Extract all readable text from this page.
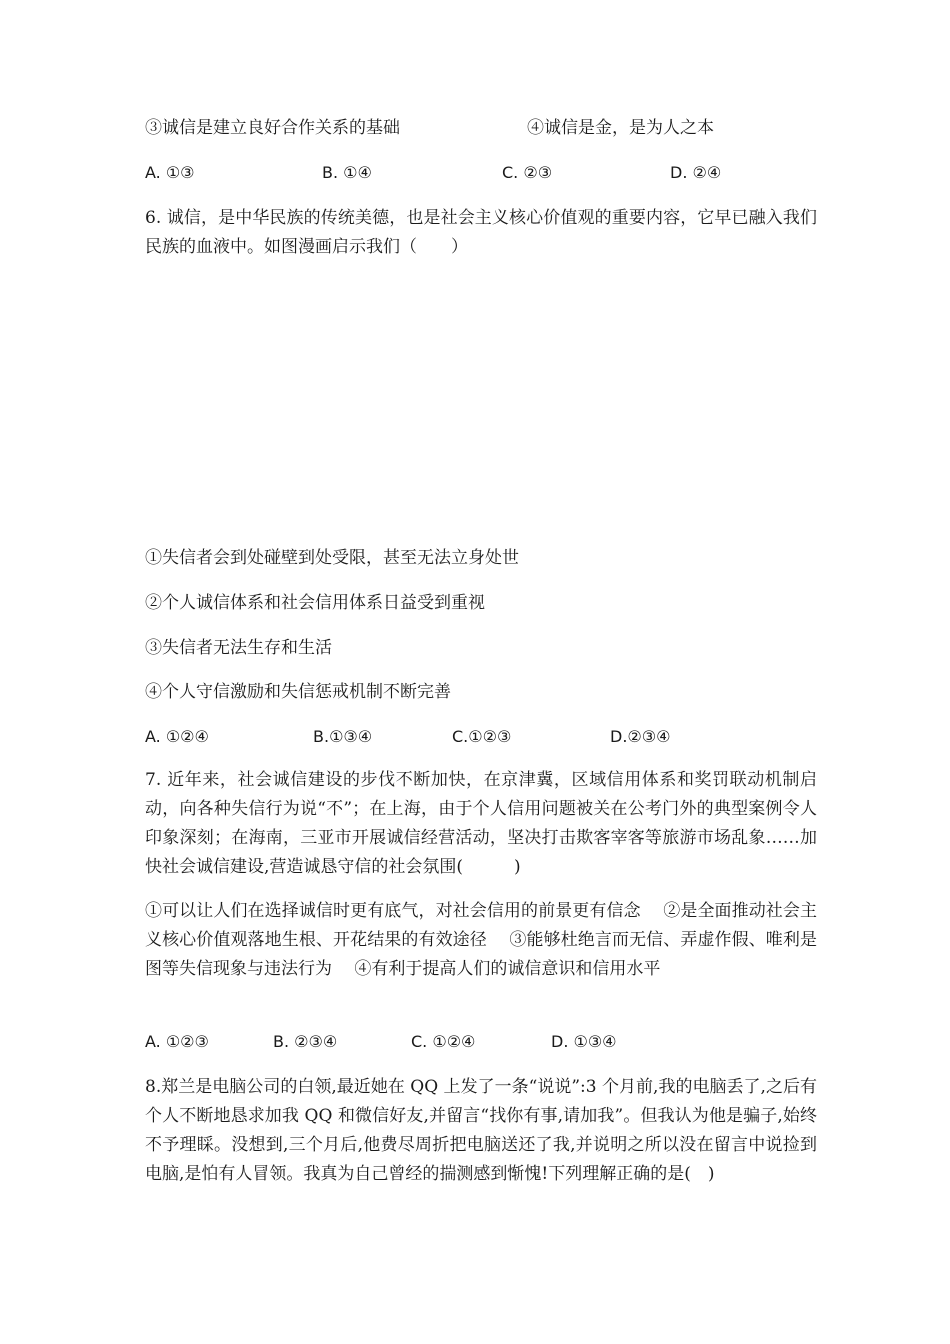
③诚信是建立良好合作关系的基础	④诚信是金，是为人之本
A. ①③	B. ①④	C. ②③	D. ②④
6. 诚信，是中华民族的传统美德，也是社会主义核心价值观的重要内容，它早已融入我们民族的血液中。如图漫画启示我们（　　）
①失信者会到处碰壁到处受限，甚至无法立身处世
②个人诚信体系和社会信用体系日益受到重视
③失信者无法生存和生活
④个人守信激励和失信惩戒机制不断完善
A. ①②④	B.①③④	C.①②③	D.②③④
7. 近年来，社会诚信建设的步伐不断加快，在京津冀，区域信用体系和奖罚联动机制启动，向各种失信行为说“不”；在上海，由于个人信用问题被关在公考门外的典型案例令人印象深刻；在海南，三亚市开展诚信经营活动，坚决打击欺客宰客等旅游市场乱象……加快社会诚信建设,营造诚恳守信的社会氛围(　　　)
①可以让人们在选择诚信时更有底气，对社会信用的前景更有信念　 ②是全面推动社会主义核心价值观落地生根、开花结果的有效途径　 ③能够杜绝言而无信、弄虚作假、唯利是图等失信现象与违法行为　 ④有利于提高人们的诚信意识和信用水平
A. ①②③	B. ②③④	C. ①②④	D. ①③④
8.郑兰是电脑公司的白领,最近她在 QQ 上发了一条“说说”:3 个月前,我的电脑丢了,之后有个人不断地恳求加我 QQ 和微信好友,并留言“找你有事,请加我”。但我认为他是骗子,始终不予理睬。没想到,三个月后,他费尽周折把电脑送还了我,并说明之所以没在留言中说捡到电脑,是怕有人冒领。我真为自己曾经的揣测感到惭愧!下列理解正确的是(　)
